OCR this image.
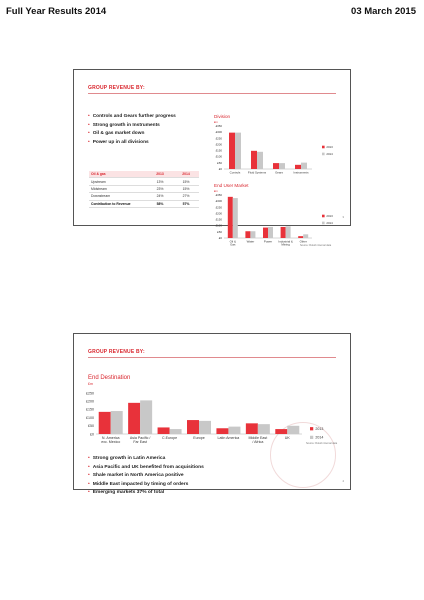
Full Year Results 2014	03 March 2015
GROUP REVENUE BY:
• Controls and Gears further progress
• Strong growth in Instruments
• Oil & gas market down
• Power up in all divisions
Oil & gas	2013	2014
Upstream	13%	15%
Midstream	23%	15%
Downstream	24%	27%
Contribution to Revenue	58%	57%
Division
£m
£0
£50
£100
£150
£200
£250
£300
£350
Controls	Fluid Systems	Gears	Instruments
2013
2014
End User Market
£m
£0
£50
£100
£150
£200
£250
£300
£350
Oil & Gas
Water	Power Industrial & Mining
Other
2013
2014
Source: Rotork internal data
3
GROUP REVENUE BY:
End Destination
£m
£0
£50
£100
£150
£200
£250
N. America exc. Mexico
Asia Pacific / Far East
C.Europe	Europe	Latin America	Middle East / Africa
UK
2013
2014
Source: Rotork internal data
• Strong growth in Latin America
• Asia Pacific and UK benefited from acquisitions
• Shale market in North America positive
• Middle East impacted by timing of orders
• Emerging markets 37% of total
4
